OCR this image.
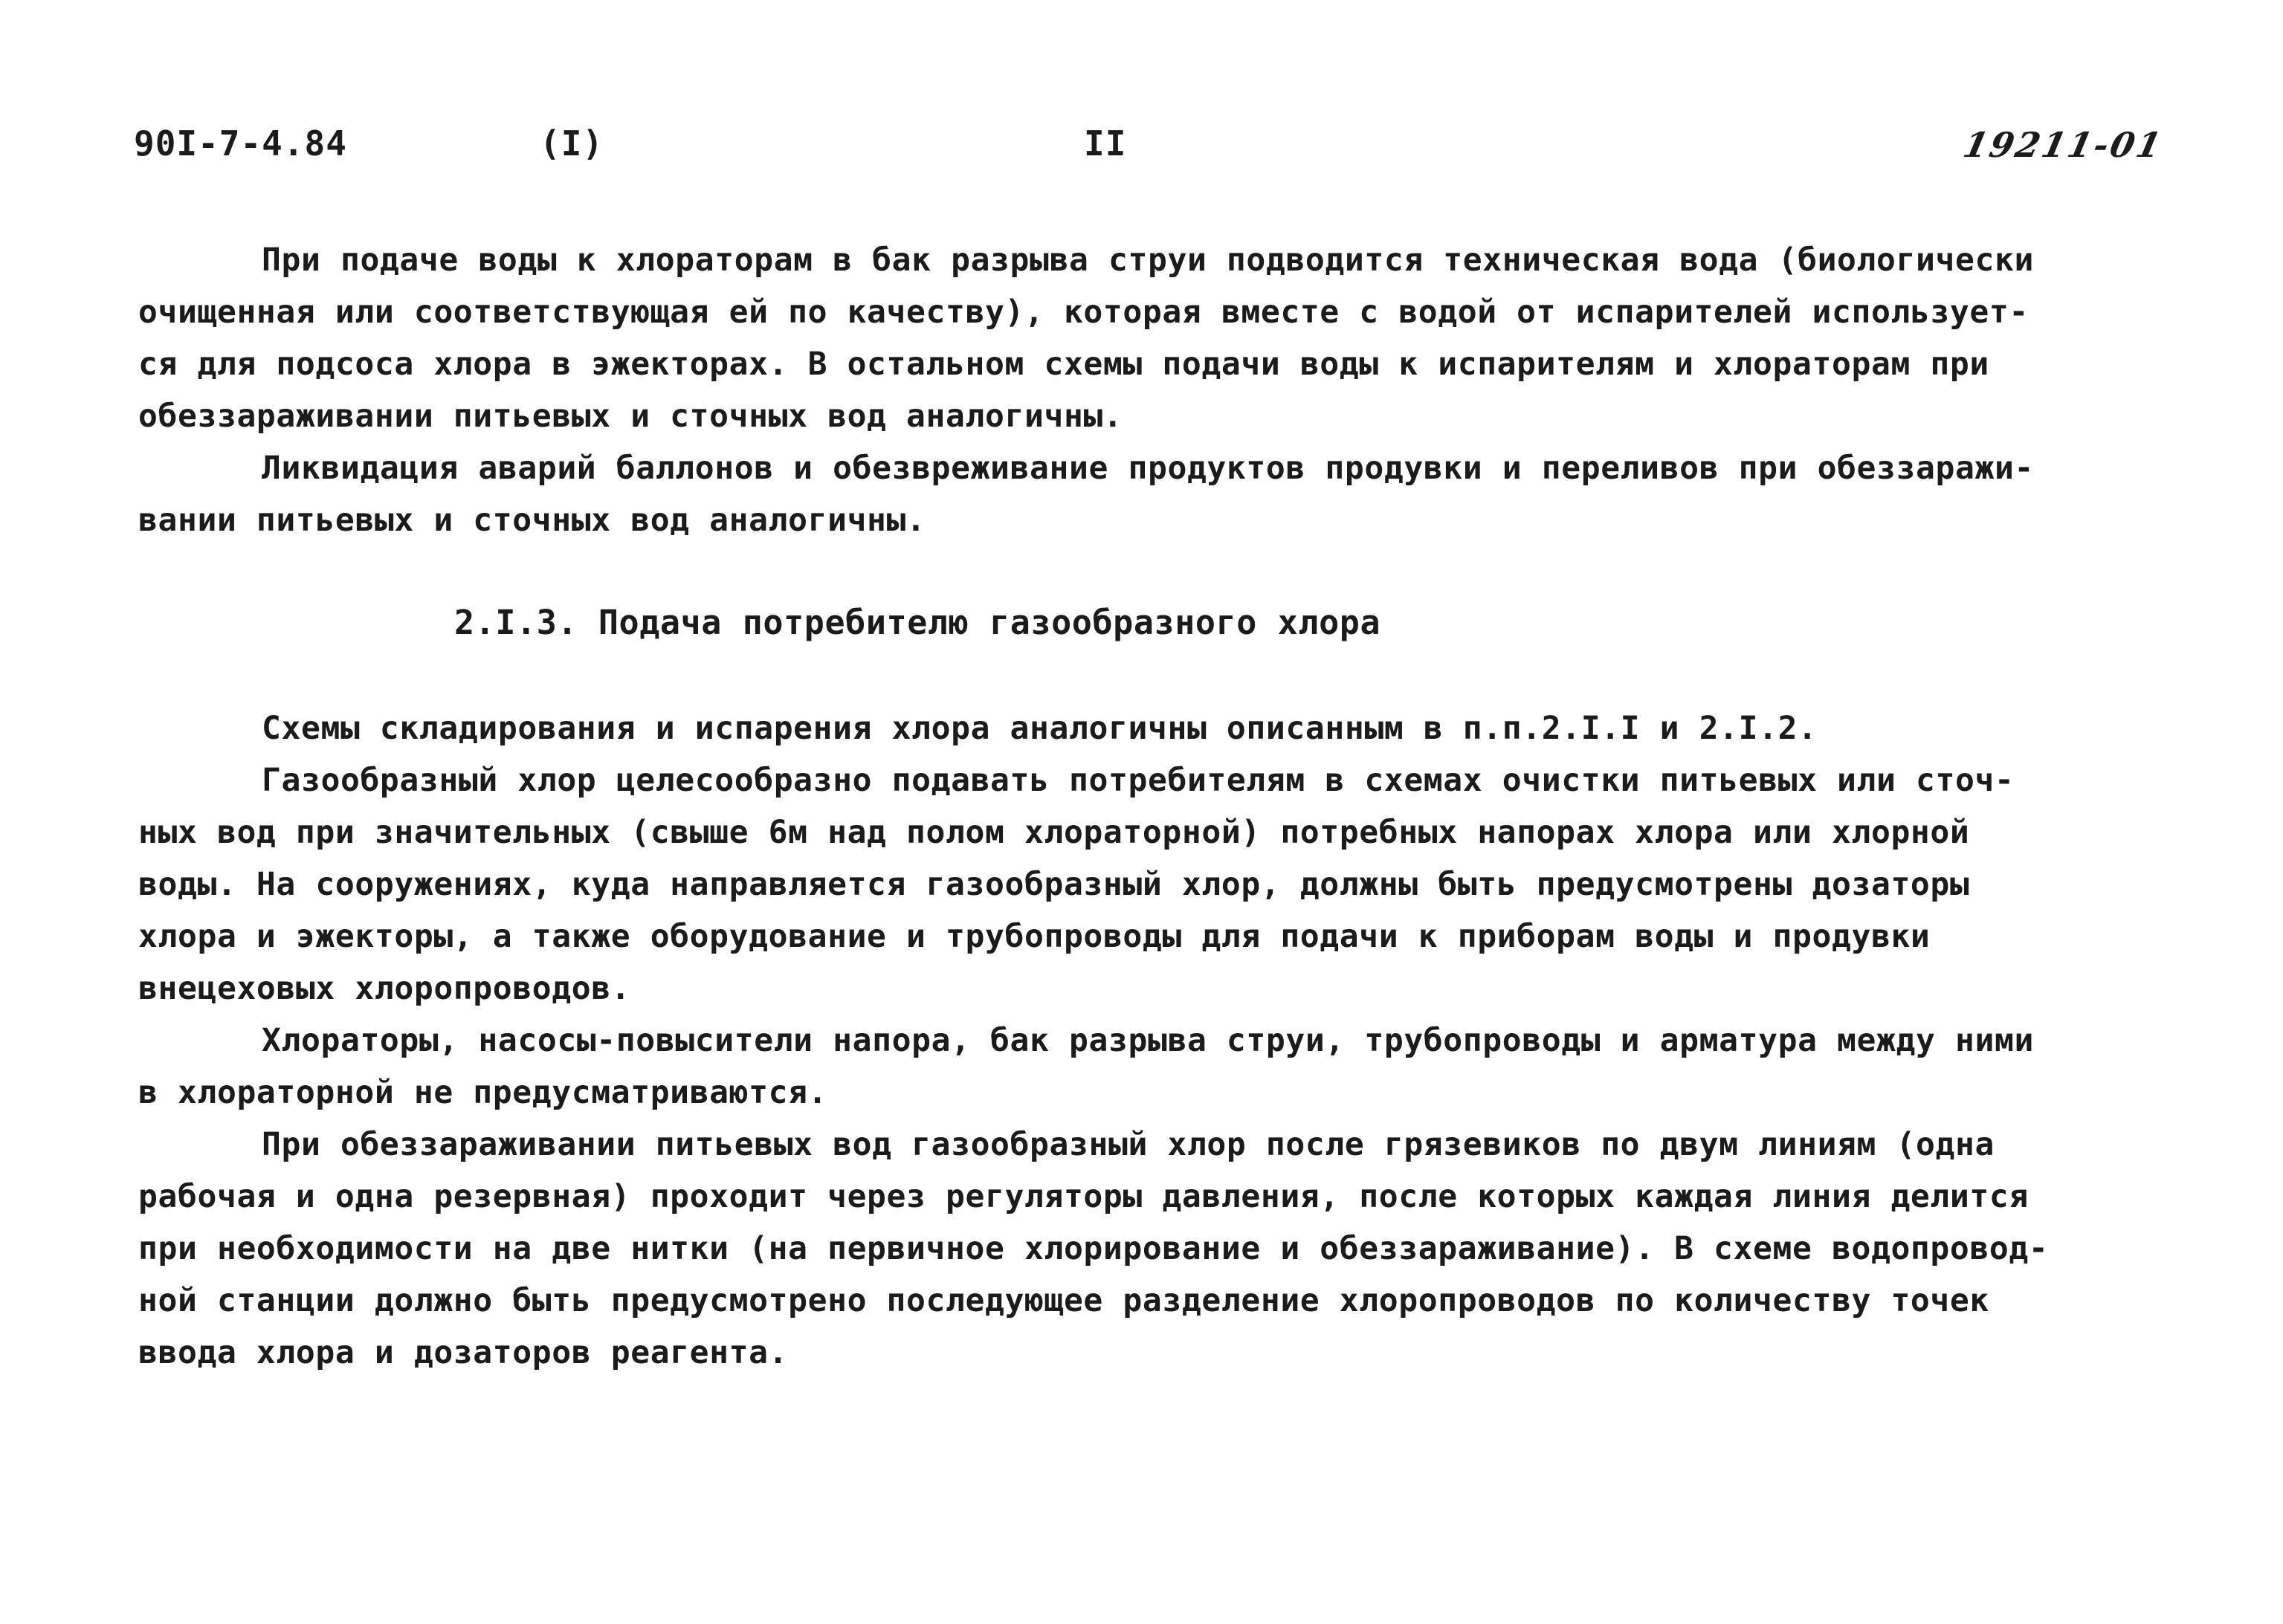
90I-7-4.84	(I)	II	19211-01
При подаче воды к хлораторам в бак разрыва струи подводится техническая вода (биологически
очищенная или соответствующая ей по качеству), которая вместе с водой от испарителей использует-
ся для подсоса хлора в эжекторах. В остальном схемы подачи воды к испарителям и хлораторам при
обеззараживании питьевых и сточных вод аналогичны.
Ликвидация аварий баллонов и обезвреживание продуктов продувки и переливов при обеззаражи-
вании питьевых и сточных вод аналогичны.
2.I.3. Подача потребителю газообразного хлора
Схемы складирования и испарения хлора аналогичны описанным в п.п.2.I.I и 2.I.2.
Газообразный хлор целесообразно подавать потребителям в схемах очистки питьевых или сточ-
ных вод при значительных (свыше 6м над полом хлораторной) потребных напорах хлора или хлорной
воды. На сооружениях, куда направляется газообразный хлор, должны быть предусмотрены дозаторы
хлора и эжекторы, а также оборудование и трубопроводы для подачи к приборам воды и продувки
внецеховых хлоропроводов.
Хлораторы, насосы-повысители напора, бак разрыва струи, трубопроводы и арматура между ними
в хлораторной не предусматриваются.
При обеззараживании питьевых вод газообразный хлор после грязевиков по двум линиям (одна
рабочая и одна резервная) проходит через регуляторы давления, после которых каждая линия делится
при необходимости на две нитки (на первичное хлорирование и обеззараживание). В схеме водопровод-
ной станции должно быть предусмотрено последующее разделение хлоропроводов по количеству точек
ввода хлора и дозаторов реагента.
